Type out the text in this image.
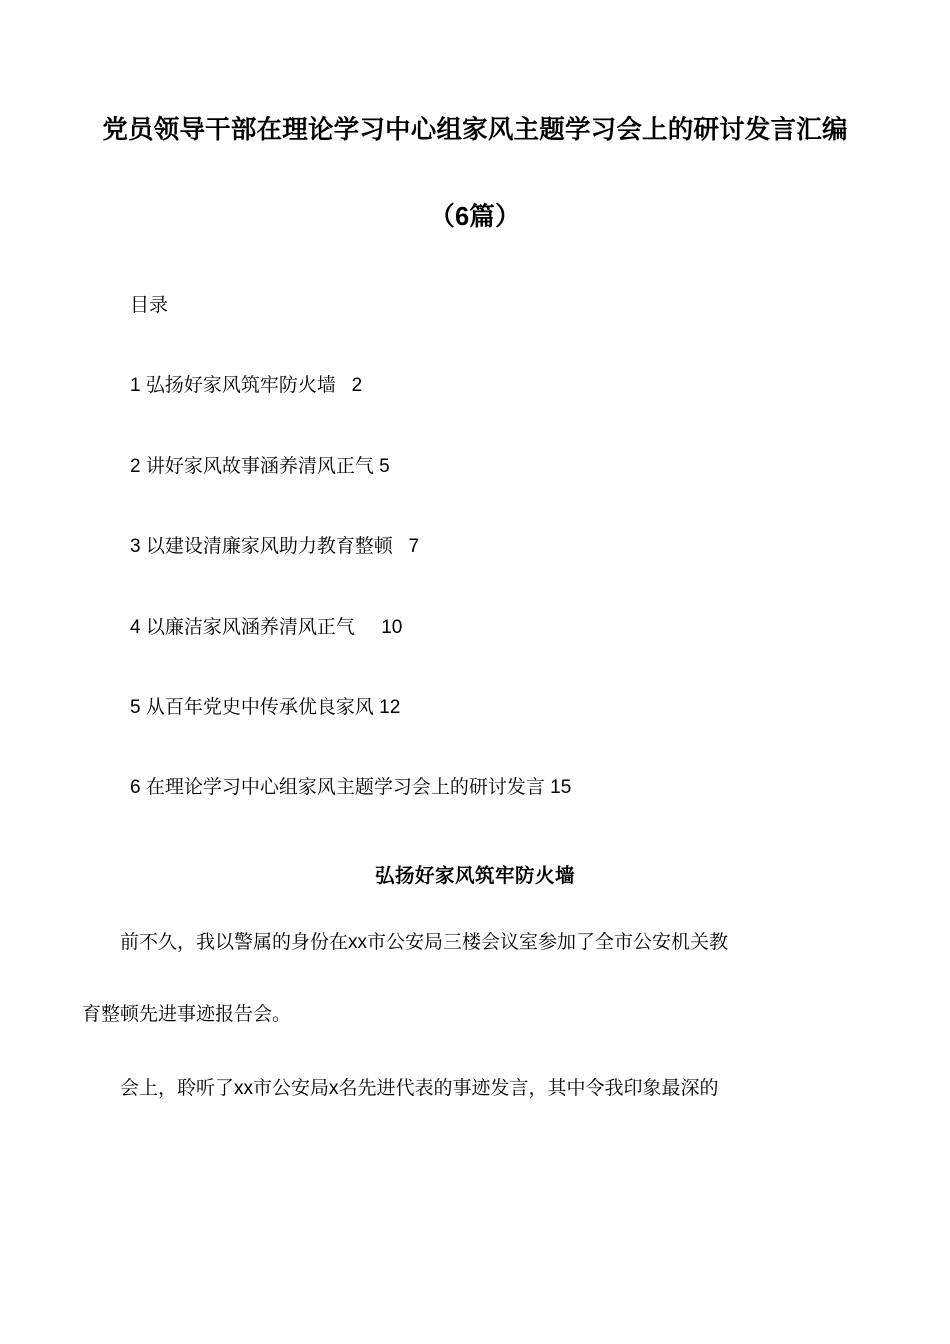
党员领导干部在理论学习中心组家风主题学习会上的研讨发言汇编
（6篇）
目录
1 弘扬好家风筑牢防火墙   2
2 讲好家风故事涵养清风正气 5
3 以建设清廉家风助力教育整顿   7
4 以廉洁家风涵养清风正气     10
5 从百年党史中传承优良家风 12
6 在理论学习中心组家风主题学习会上的研讨发言 15
弘扬好家风筑牢防火墙

前不久，我以警属的身份在xx市公安局三楼会议室参加了全市公安机关教

育整顿先进事迹报告会。

会上，聆听了xx市公安局x名先进代表的事迹发言，其中令我印象最深的
